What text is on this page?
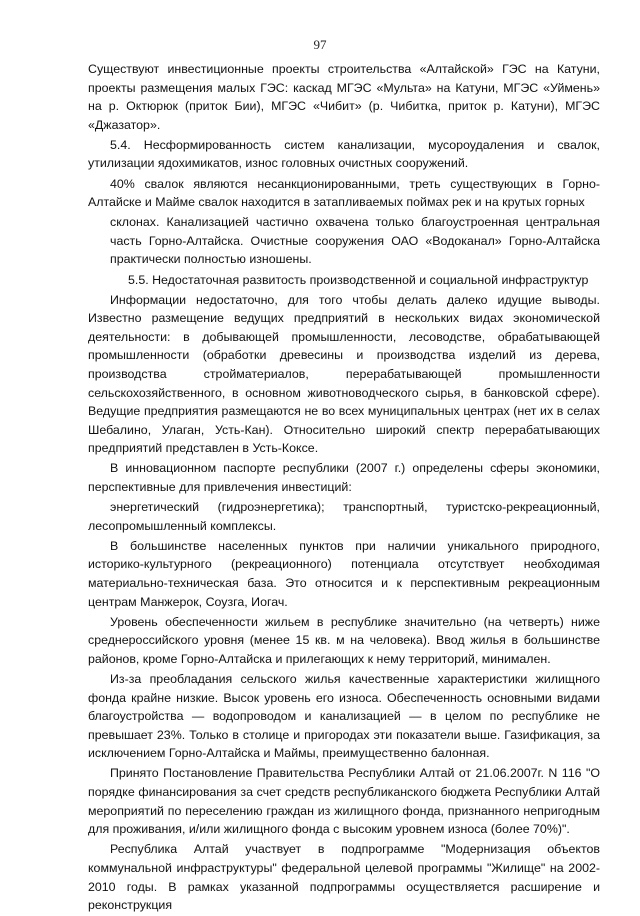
97

Существуют инвестиционные проекты строительства «Алтайской» ГЭС на Катуни, проекты размещения малых ГЭС: каскад МГЭС «Мульта» на Катуни, МГЭС «Уймень» на р. Октюрюк (приток Бии), МГЭС «Чибит» (р. Чибитка, приток р. Катуни), МГЭС «Джазатор».

5.4. Несформированность систем канализации, мусороудаления и свалок, утилизации ядохимикатов, износ головных очистных сооружений.

40% свалок являются несанкционированными, треть существующих в Горно-Алтайске и Майме свалок находится в затапливаемых поймах рек и на крутых горных

склонах. Канализацией частично охвачена только благоустроенная центральная часть Горно-Алтайска. Очистные сооружения ОАО «Водоканал» Горно-Алтайска практически полностью изношены.

5.5. Недостаточная развитость производственной и социальной инфраструктур

Информации недостаточно, для того чтобы делать далеко идущие выводы. Известно размещение ведущих предприятий в нескольких видах экономической деятельности: в добывающей промышленности, лесоводстве, обрабатывающей промышленности (обработки древесины и производства изделий из дерева, производства стройматериалов, перерабатывающей промышленности сельскохозяйственного, в основном животноводческого сырья, в банковской сфере). Ведущие предприятия размещаются не во всех муниципальных центрах (нет их в селах Шебалино, Улаган, Усть-Кан). Относительно широкий спектр перерабатывающих предприятий представлен в Усть-Коксе.

В инновационном паспорте республики (2007 г.) определены сферы экономики, перспективные для привлечения инвестиций:

энергетический (гидроэнергетика); транспортный, туристско-рекреационный, лесопромышленный комплексы.

В большинстве населенных пунктов при наличии уникального природного, историко-культурного (рекреационного) потенциала отсутствует необходимая материально-техническая база. Это относится и к перспективным рекреационным центрам Манжерок, Соузга, Иогач.

Уровень обеспеченности жильем в республике значительно (на четверть) ниже среднероссийского уровня (менее 15 кв. м на человека). Ввод жилья в большинстве районов, кроме Горно-Алтайска и прилегающих к нему территорий, минимален.

Из-за преобладания сельского жилья качественные характеристики жилищного фонда крайне низкие. Высок уровень его износа. Обеспеченность основными видами благоустройства — водопроводом и канализацией — в целом по республике не превышает 23%. Только в столице и пригородах эти показатели выше. Газификация, за исключением Горно-Алтайска и Маймы, преимущественно балонная.

Принято Постановление Правительства Республики Алтай от 21.06.2007г. N 116 "О порядке финансирования за счет средств республиканского бюджета Республики Алтай мероприятий по переселению граждан из жилищного фонда, признанного непригодным для проживания, и/или жилищного фонда с высоким уровнем износа (более 70%)".

Республика Алтай участвует в подпрограмме "Модернизация объектов коммунальной инфраструктуры" федеральной целевой программы "Жилище" на 2002-2010 годы. В рамках указанной подпрограммы осуществляется расширение и реконструкция
